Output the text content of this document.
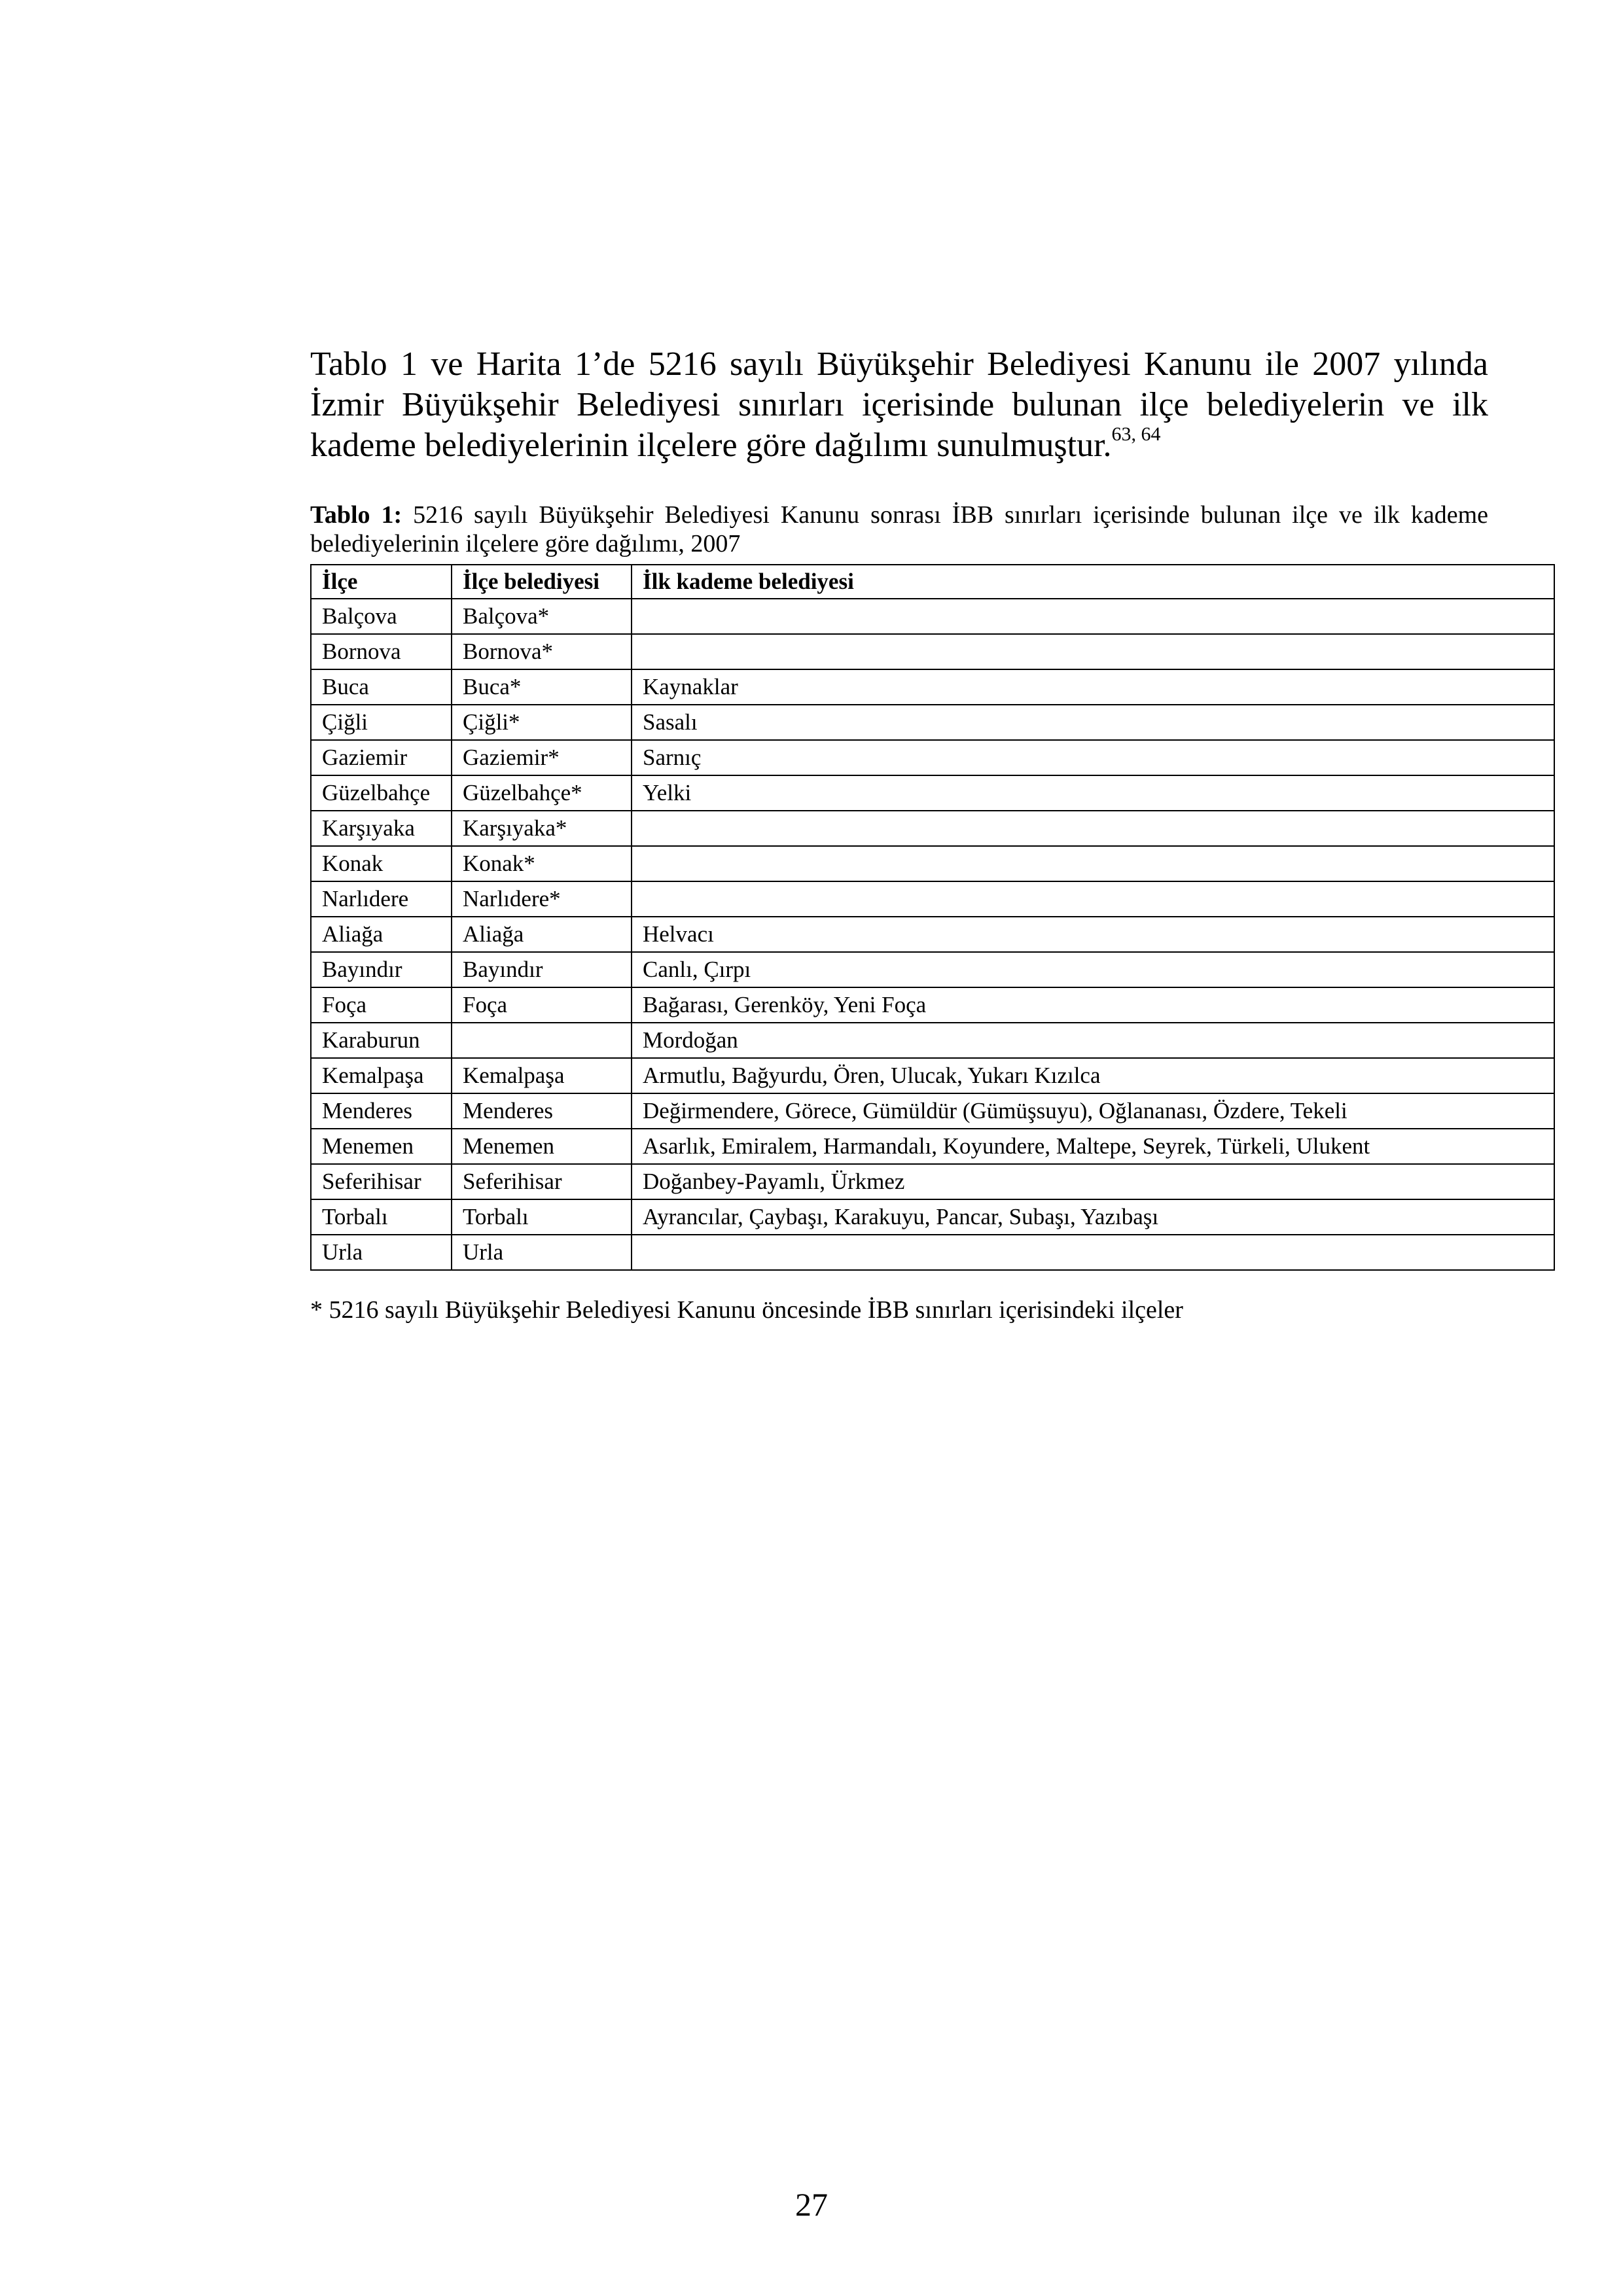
Tablo 1 ve Harita 1’de 5216 sayılı Büyükşehir Belediyesi Kanunu ile 2007 yılında İzmir Büyükşehir Belediyesi sınırları içerisinde bulunan ilçe belediyelerin ve ilk kademe belediyelerinin ilçelere göre dağılımı sunulmuştur.$^{63, 64}$

Tablo 1: 5216 sayılı Büyükşehir Belediyesi Kanunu sonrası İBB sınırları içerisinde bulunan ilçe ve ilk kademe belediyelerinin ilçelere göre dağılımı, 2007

İlçe	İlçe belediyesi	İlk kademe belediyesi
Balçova	Balçova*	
Bornova	Bornova*	
Buca	Buca*	Kaynaklar
Çiğli	Çiğli*	Sasalı
Gaziemir	Gaziemir*	Sarnıç
Güzelbahçe	Güzelbahçe*	Yelki
Karşıyaka	Karşıyaka*	
Konak	Konak*	
Narlıdere	Narlıdere*	
Aliağa	Aliağa	Helvacı
Bayındır	Bayındır	Canlı, Çırpı
Foça	Foça	Bağarası, Gerenköy, Yeni Foça
Karaburun		Mordoğan
Kemalpaşa	Kemalpaşa	Armutlu, Bağyurdu, Ören, Ulucak, Yukarı Kızılca
Menderes	Menderes	Değirmendere, Görece, Gümüldür (Gümüşsuyu), Oğlananası, Özdere, Tekeli
Menemen	Menemen	Asarlık, Emiralem, Harmandalı, Koyundere, Maltepe, Seyrek, Türkeli, Ulukent
Seferihisar	Seferihisar	Doğanbey-Payamlı, Ürkmez
Torbalı	Torbalı	Ayrancılar, Çaybaşı, Karakuyu, Pancar, Subaşı, Yazıbaşı
Urla	Urla	

* 5216 sayılı Büyükşehir Belediyesi Kanunu öncesinde İBB sınırları içerisindeki ilçeler

27
